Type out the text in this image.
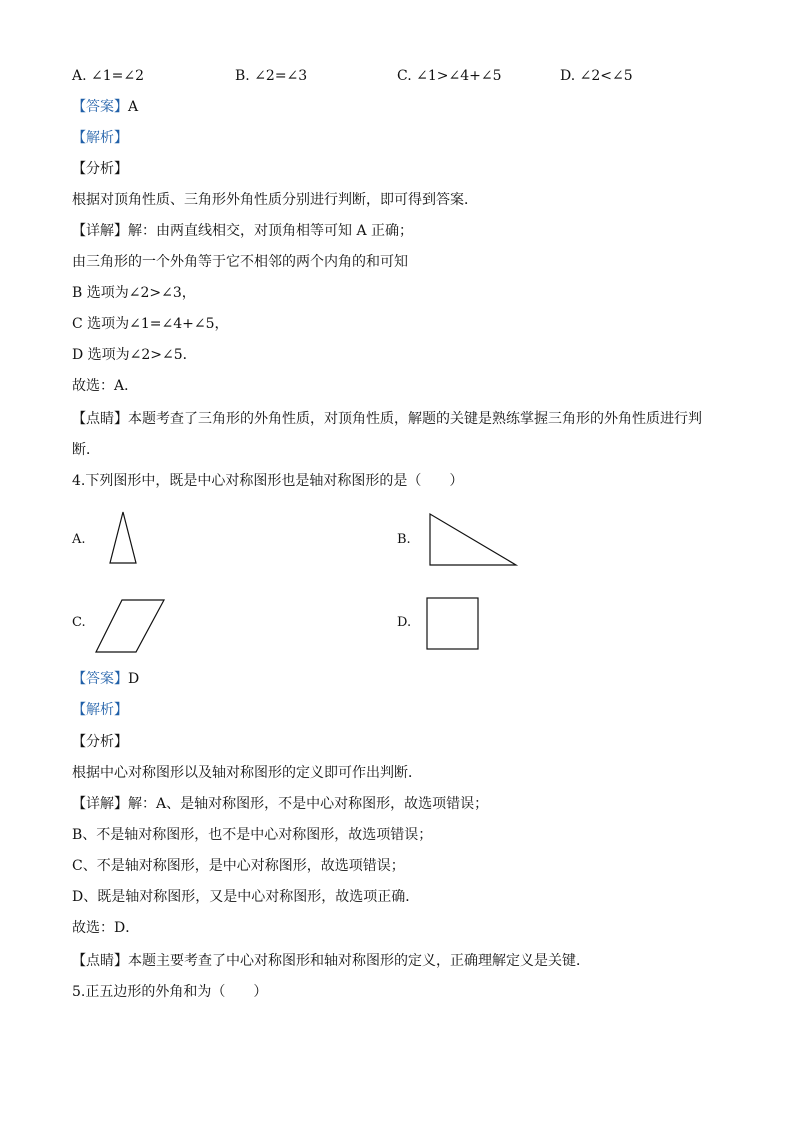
A. ∠1=∠2	B. ∠2=∠3	C. ∠1>∠4+∠5	D. ∠2<∠5
【答案】A
【解析】
【分析】
根据对顶角性质、三角形外角性质分别进行判断，即可得到答案．
【详解】解：由两直线相交，对顶角相等可知 A 正确；
由三角形的一个外角等于它不相邻的两个内角的和可知
B 选项为∠2>∠3，
C 选项为∠1=∠4+∠5，
D 选项为∠2>∠5．
故选：A．
【点睛】本题考查了三角形的外角性质，对顶角性质，解题的关键是熟练掌握三角形的外角性质进行判
断．
4.下列图形中，既是中心对称图形也是轴对称图形的是（　　）
A.	B.
C.	D.
【答案】D
【解析】
【分析】
根据中心对称图形以及轴对称图形的定义即可作出判断．
【详解】解：A、是轴对称图形，不是中心对称图形，故选项错误；
B、不是轴对称图形，也不是中心对称图形，故选项错误；
C、不是轴对称图形，是中心对称图形，故选项错误；
D、既是轴对称图形，又是中心对称图形，故选项正确．
故选：D．
【点睛】本题主要考查了中心对称图形和轴对称图形的定义，正确理解定义是关键．
5.正五边形的外角和为（　　）
